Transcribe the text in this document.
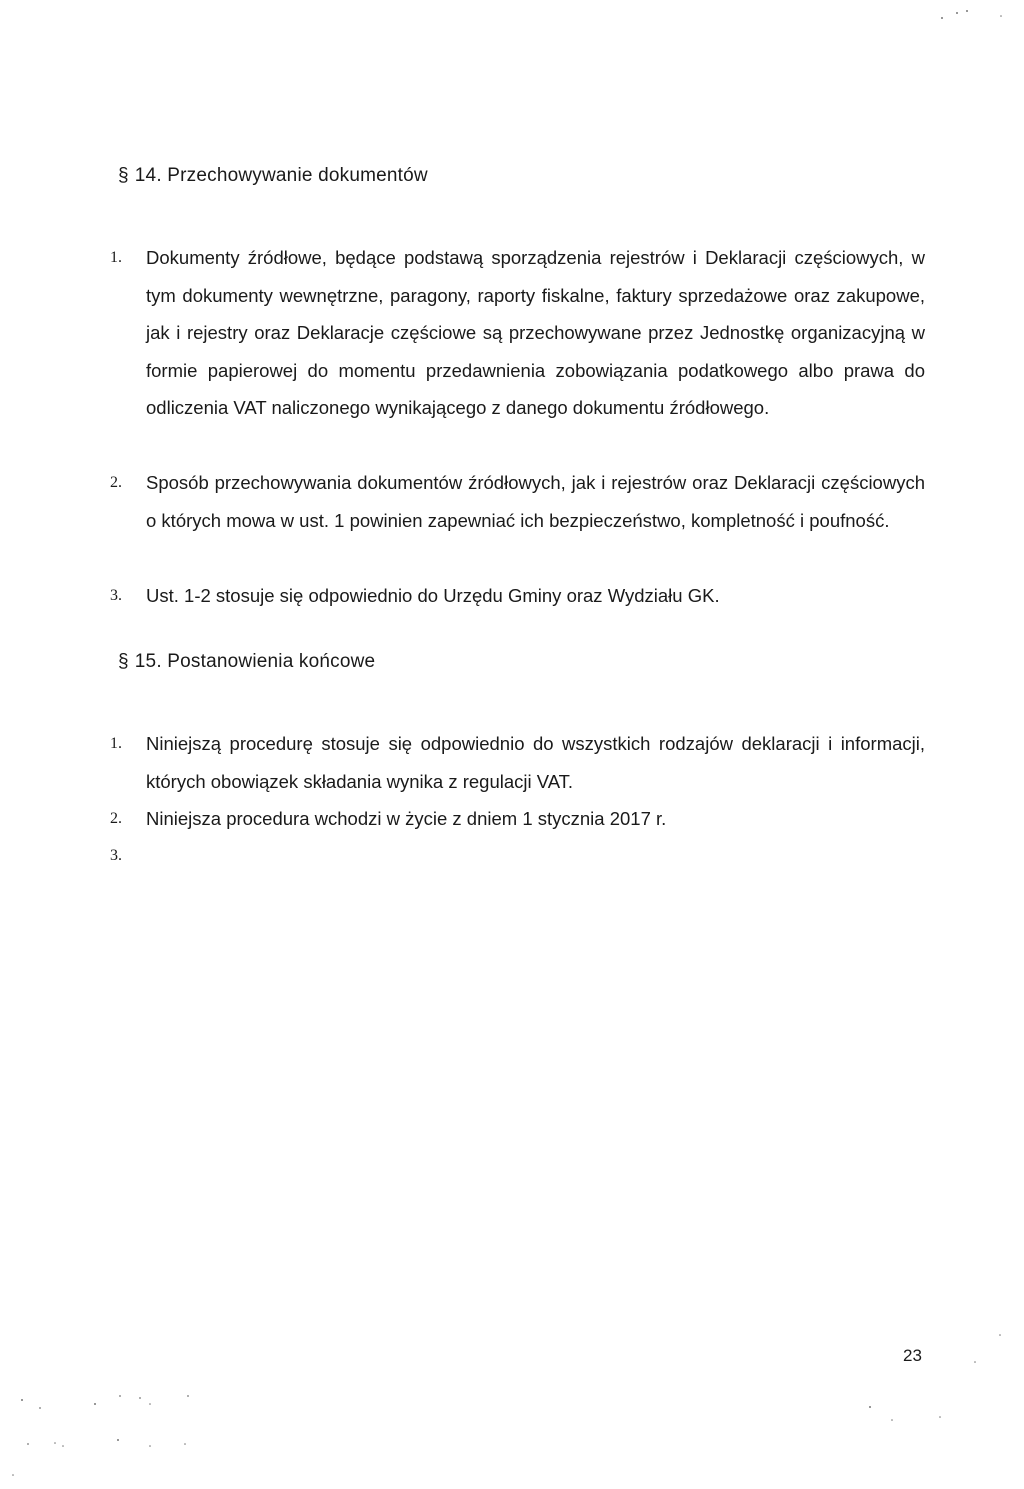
§ 14. Przechowywanie dokumentów
1. Dokumenty źródłowe, będące podstawą sporządzenia rejestrów i Deklaracji częściowych, w tym dokumenty wewnętrzne, paragony, raporty fiskalne, faktury sprzedażowe oraz zakupowe, jak i rejestry oraz Deklaracje częściowe są przechowywane przez Jednostkę organizacyjną w formie papierowej do momentu przedawnienia zobowiązania podatkowego albo prawa do odliczenia VAT naliczonego wynikającego z danego dokumentu źródłowego.
2. Sposób przechowywania dokumentów źródłowych, jak i rejestrów oraz Deklaracji częściowych o których mowa w ust. 1 powinien zapewniać ich bezpieczeństwo, kompletność i poufność.
3. Ust. 1-2 stosuje się odpowiednio do Urzędu Gminy oraz Wydziału GK.
§ 15. Postanowienia końcowe
1. Niniejszą procedurę stosuje się odpowiednio do wszystkich rodzajów deklaracji i informacji, których obowiązek składania wynika z regulacji VAT.
2. Niniejsza procedura wchodzi w życie z dniem 1 stycznia 2017 r.
3.
23
